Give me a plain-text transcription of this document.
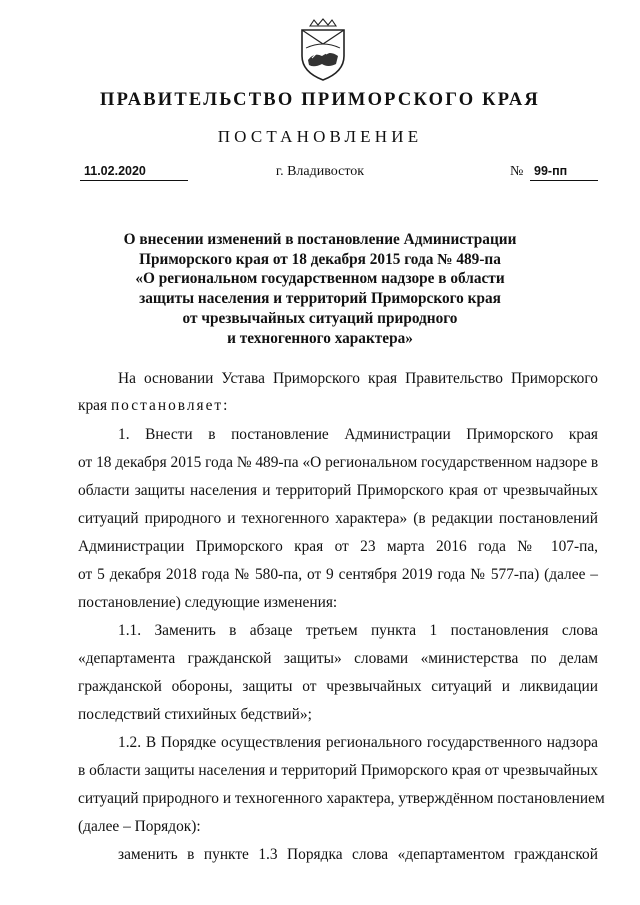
ПРАВИТЕЛЬСТВО ПРИМОРСКОГО КРАЯ
ПОСТАНОВЛЕНИЕ
11.02.2020	г. Владивосток	№ 99-пп
О внесении изменений в постановление Администрации
Приморского края от 18 декабря 2015 года № 489-па
«О региональном государственном надзоре в области
защиты населения и территорий Приморского края
от чрезвычайных ситуаций природного
и техногенного характера»
На основании Устава Приморского края Правительство Приморского
края постановляет:
1. Внести в постановление Администрации Приморского края
от 18 декабря 2015 года № 489-па «О региональном государственном надзоре в
области защиты населения и территорий Приморского края от чрезвычайных
ситуаций природного и техногенного характера» (в редакции постановлений
Администрации Приморского края от 23 марта 2016 года № 107-па,
от 5 декабря 2018 года № 580-па, от 9 сентября 2019 года № 577-па) (далее –
постановление) следующие изменения:
1.1. Заменить в абзаце третьем пункта 1 постановления слова
«департамента гражданской защиты» словами «министерства по делам
гражданской обороны, защиты от чрезвычайных ситуаций и ликвидации
последствий стихийных бедствий»;
1.2. В Порядке осуществления регионального государственного надзора
в области защиты населения и территорий Приморского края от чрезвычайных
ситуаций природного и техногенного характера, утверждённом постановлением
(далее – Порядок):
заменить в пункте 1.3 Порядка слова «департаментом гражданской
